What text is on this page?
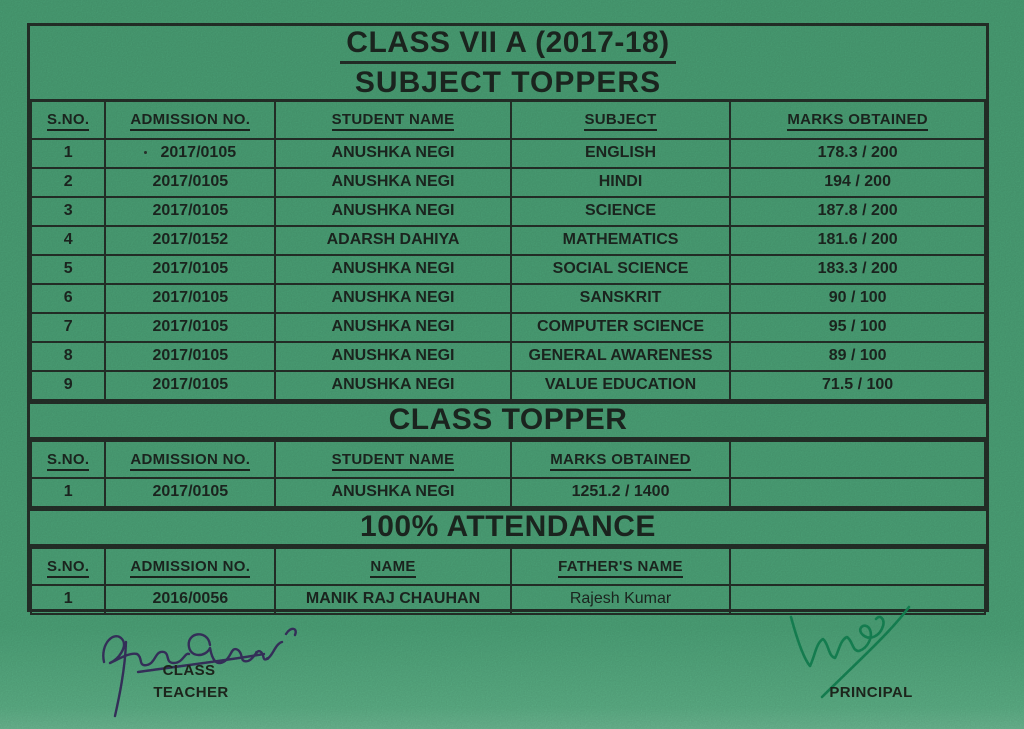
CLASS VII A (2017-18)
SUBJECT TOPPERS
S.NO.	ADMISSION NO.	STUDENT NAME	SUBJECT	MARKS OBTAINED
1	2017/0105	ANUSHKA NEGI	ENGLISH	178.3 / 200
2	2017/0105	ANUSHKA NEGI	HINDI	194 / 200
3	2017/0105	ANUSHKA NEGI	SCIENCE	187.8 / 200
4	2017/0152	ADARSH DAHIYA	MATHEMATICS	181.6 / 200
5	2017/0105	ANUSHKA NEGI	SOCIAL SCIENCE	183.3 / 200
6	2017/0105	ANUSHKA NEGI	SANSKRIT	90 / 100
7	2017/0105	ANUSHKA NEGI	COMPUTER SCIENCE	95 / 100
8	2017/0105	ANUSHKA NEGI	GENERAL AWARENESS	89 / 100
9	2017/0105	ANUSHKA NEGI	VALUE EDUCATION	71.5 / 100
CLASS TOPPER
S.NO.	ADMISSION NO.	STUDENT NAME	MARKS OBTAINED	
1	2017/0105	ANUSHKA NEGI	1251.2 / 1400	
100% ATTENDANCE
S.NO.	ADMISSION NO.	NAME	FATHER'S NAME	
1	2016/0056	MANIK RAJ CHAUHAN	Rajesh Kumar	
CLASS
TEACHER	PRINCIPAL
